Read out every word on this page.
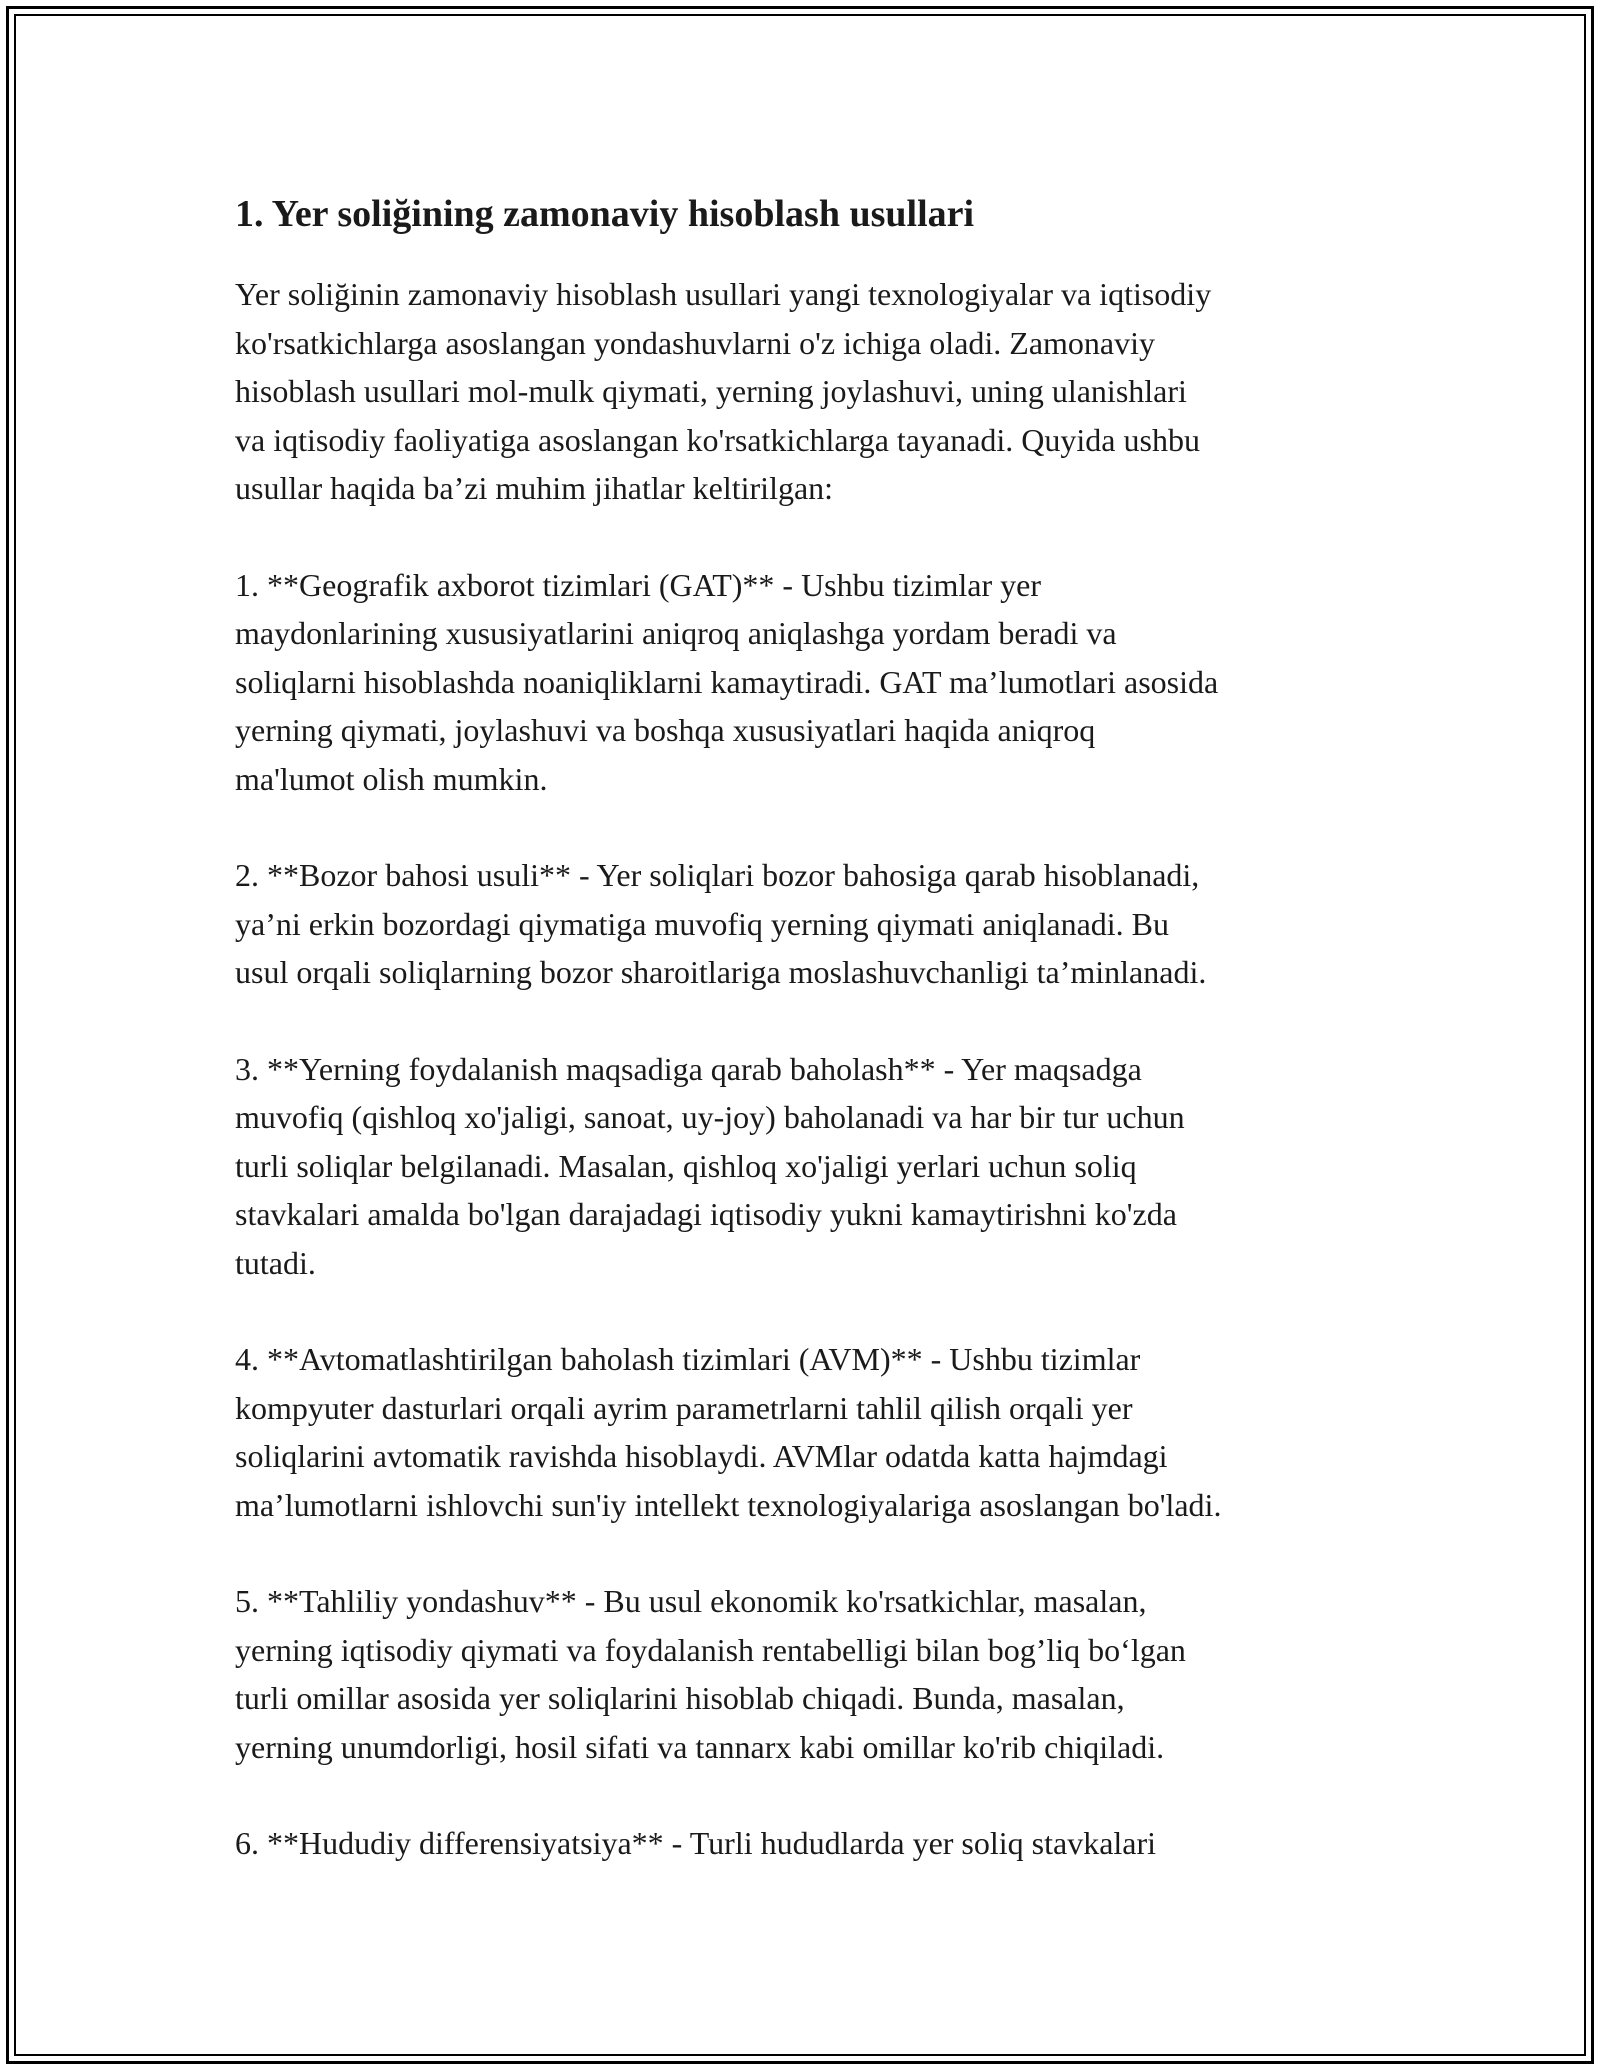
1. Yer soliğining zamonaviy hisoblash usullari

Yer soliğinin zamonaviy hisoblash usullari yangi texnologiyalar va iqtisodiy
ko'rsatkichlarga asoslangan yondashuvlarni o'z ichiga oladi. Zamonaviy
hisoblash usullari mol-mulk qiymati, yerning joylashuvi, uning ulanishlari
va iqtisodiy faoliyatiga asoslangan ko'rsatkichlarga tayanadi. Quyida ushbu
usullar haqida ba’zi muhim jihatlar keltirilgan:

1. **Geografik axborot tizimlari (GAT)** - Ushbu tizimlar yer
maydonlarining xususiyatlarini aniqroq aniqlashga yordam beradi va
soliqlarni hisoblashda noaniqliklarni kamaytiradi. GAT ma’lumotlari asosida
yerning qiymati, joylashuvi va boshqa xususiyatlari haqida aniqroq
ma'lumot olish mumkin.

2. **Bozor bahosi usuli** - Yer soliqlari bozor bahosiga qarab hisoblanadi,
ya’ni erkin bozordagi qiymatiga muvofiq yerning qiymati aniqlanadi. Bu
usul orqali soliqlarning bozor sharoitlariga moslashuvchanligi ta’minlanadi.

3. **Yerning foydalanish maqsadiga qarab baholash** - Yer maqsadga
muvofiq (qishloq xo'jaligi, sanoat, uy-joy) baholanadi va har bir tur uchun
turli soliqlar belgilanadi. Masalan, qishloq xo'jaligi yerlari uchun soliq
stavkalari amalda bo'lgan darajadagi iqtisodiy yukni kamaytirishni ko'zda
tutadi.

4. **Avtomatlashtirilgan baholash tizimlari (AVM)** - Ushbu tizimlar
kompyuter dasturlari orqali ayrim parametrlarni tahlil qilish orqali yer
soliqlarini avtomatik ravishda hisoblaydi. AVMlar odatda katta hajmdagi
ma’lumotlarni ishlovchi sun'iy intellekt texnologiyalariga asoslangan bo'ladi.

5. **Tahliliy yondashuv** - Bu usul ekonomik ko'rsatkichlar, masalan,
yerning iqtisodiy qiymati va foydalanish rentabelligi bilan bog’liq bo‘lgan
turli omillar asosida yer soliqlarini hisoblab chiqadi. Bunda, masalan,
yerning unumdorligi, hosil sifati va tannarx kabi omillar ko'rib chiqiladi.

6. **Hududiy differensiyatsiya** - Turli hududlarda yer soliq stavkalari
